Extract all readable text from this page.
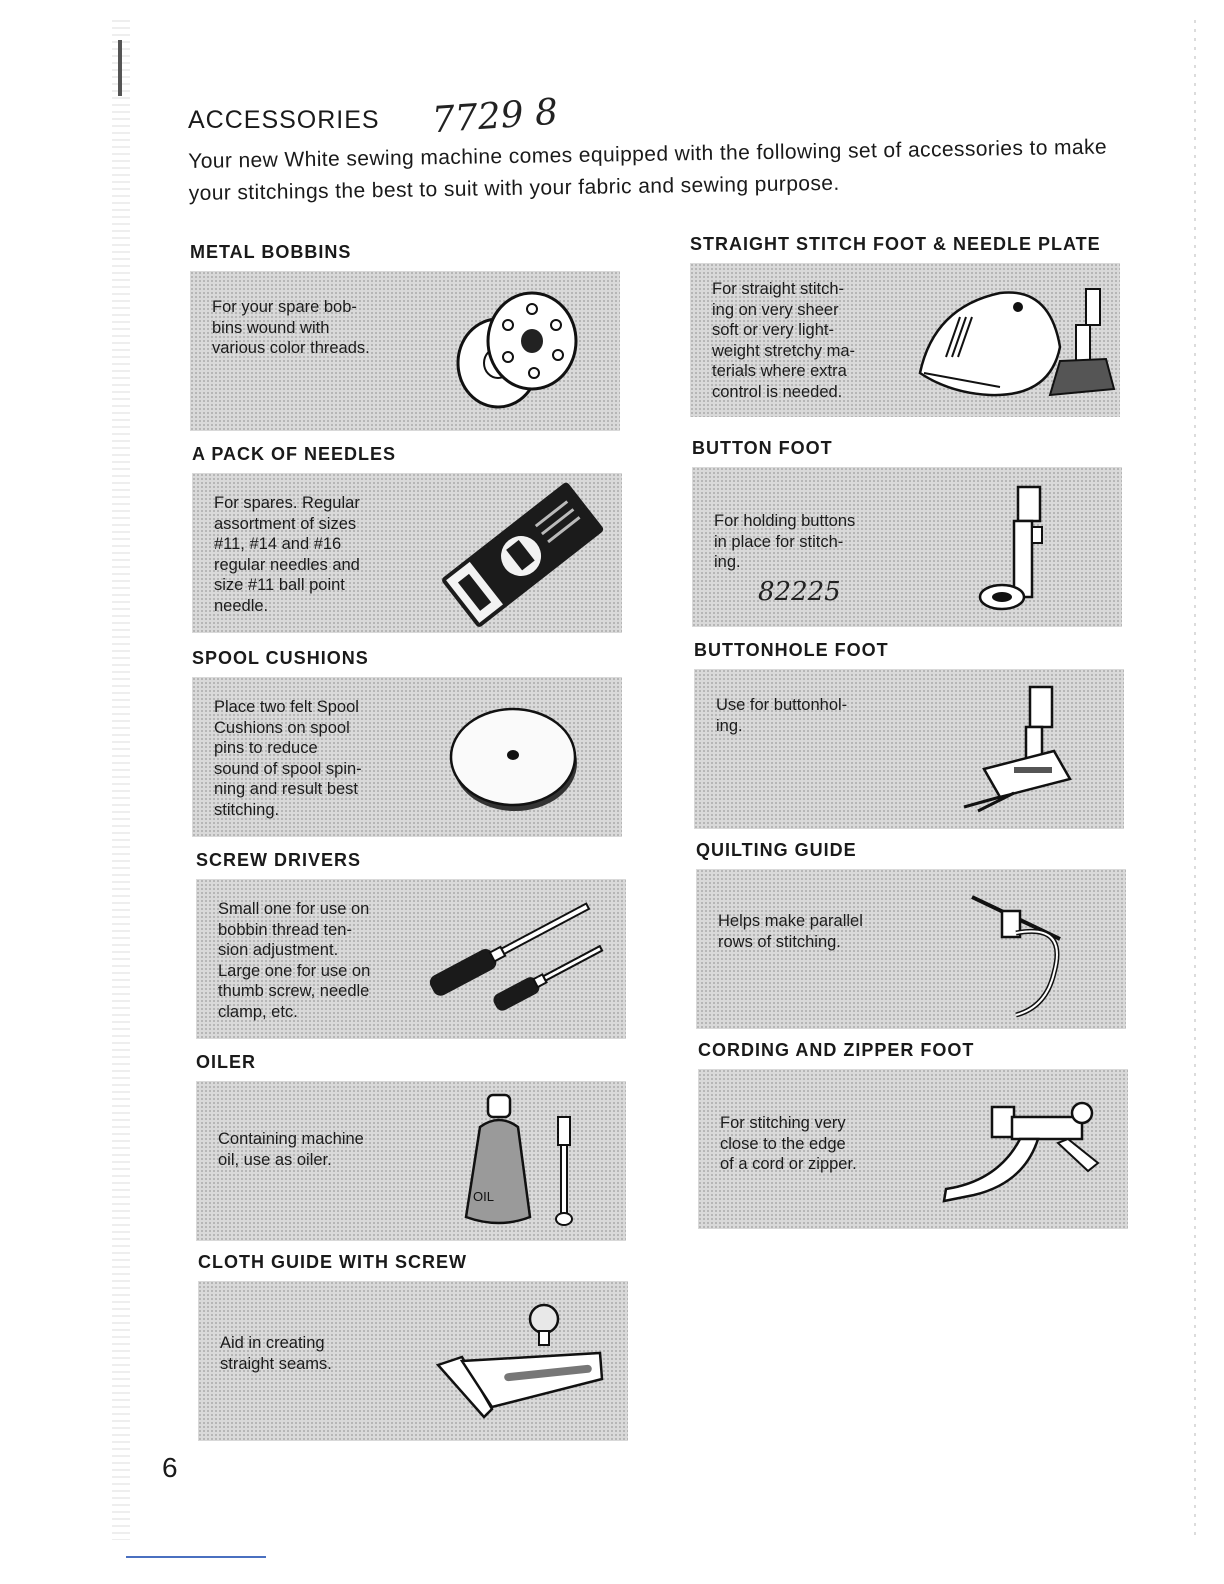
ACCESSORIES 7729 8

Your new White sewing machine comes equipped with the following set of accessories to make your stitchings the best to suit with your fabric and sewing purpose.

METAL BOBBINS

For your spare bob-
bins wound with
various color threads.

A PACK OF NEEDLES

For spares. Regular
assortment of sizes
#11, #14 and #16
regular needles and
size #11 ball point
needle.

SPOOL CUSHIONS

Place two felt Spool
Cushions on spool
pins to reduce
sound of spool spin-
ning and result best
stitching.

SCREW DRIVERS

Small one for use on
bobbin thread ten-
sion adjustment.
Large one for use on
thumb screw, needle
clamp, etc.

OILER

Containing machine
oil, use as oiler.

OIL
CLOTH GUIDE WITH SCREW

Aid in creating
straight seams.

STRAIGHT STITCH FOOT & NEEDLE PLATE

For straight stitch-
ing on very sheer
soft or very light-
weight stretchy ma-
terials where extra
control is needed.

BUTTON FOOT

For holding buttons
in place for stitch-
ing.

82225
BUTTONHOLE FOOT

Use for buttonhol-
ing.

QUILTING GUIDE

Helps make parallel
rows of stitching.

CORDING AND ZIPPER FOOT

For stitching very
close to the edge
of a cord or zipper.

6
